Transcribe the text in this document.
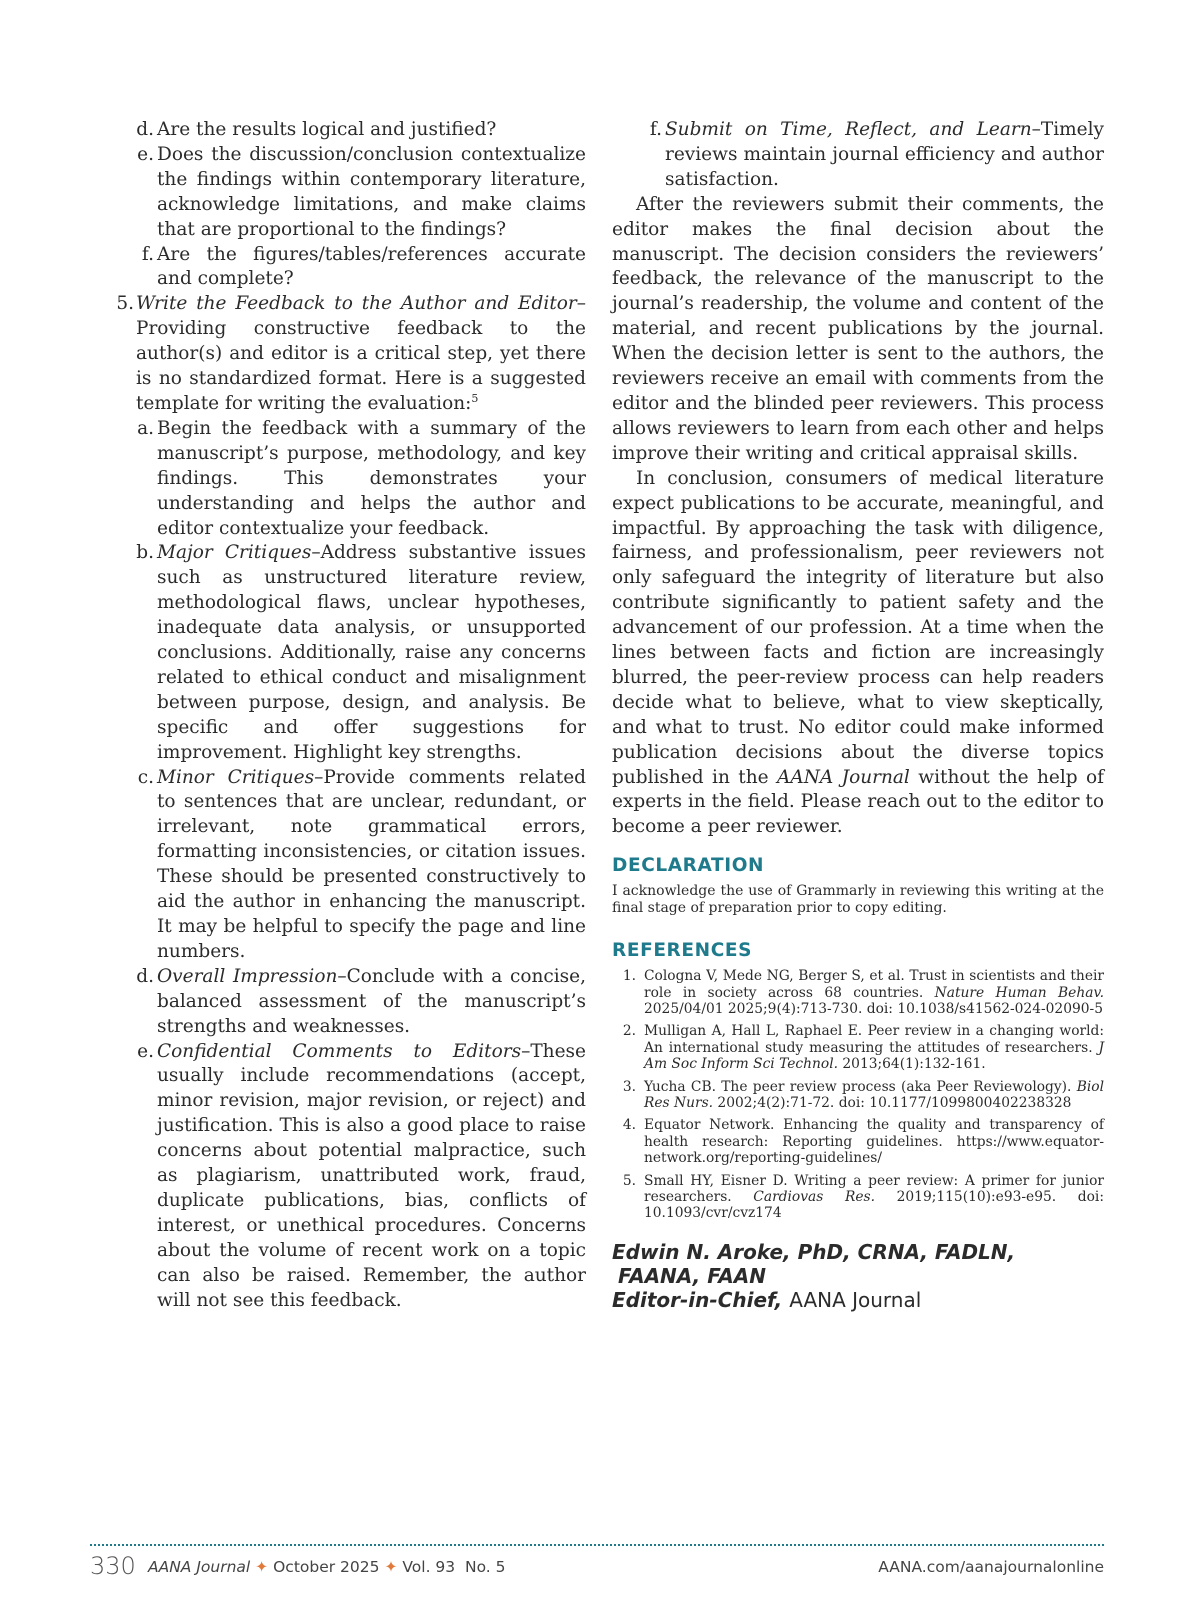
d. Are the results logical and justified?
e. Does the discussion/conclusion contextualize the findings within contemporary literature, acknowledge limitations, and make claims that are proportional to the findings?
f. Are the figures/tables/references accurate and complete?
5. Write the Feedback to the Author and Editor–Providing constructive feedback to the author(s) and editor is a critical step, yet there is no standardized format. Here is a suggested template for writing the evaluation:$^5$
a. Begin the feedback with a summary of the manuscript’s purpose, methodology, and key findings. This demonstrates your understanding and helps the author and editor contextualize your feedback.
b. Major Critiques–Address substantive issues such as unstructured literature review, methodological flaws, unclear hypotheses, inadequate data analysis, or unsupported conclusions. Additionally, raise any concerns related to ethical conduct and misalignment between purpose, design, and analysis. Be specific and offer suggestions for improvement. Highlight key strengths.
c. Minor Critiques–Provide comments related to sentences that are unclear, redundant, or irrelevant, note grammatical errors, formatting inconsistencies, or citation issues. These should be presented constructively to aid the author in enhancing the manuscript. It may be helpful to specify the page and line numbers.
d. Overall Impression–Conclude with a concise, balanced assessment of the manuscript’s strengths and weaknesses.
e. Confidential Comments to Editors–These usually include recommendations (accept, minor revision, major revision, or reject) and justification. This is also a good place to raise concerns about potential malpractice, such as plagiarism, unattributed work, fraud, duplicate publications, bias, conflicts of interest, or unethical procedures. Concerns about the volume of recent work on a topic can also be raised. Remember, the author will not see this feedback.
f. Submit on Time, Reflect, and Learn–Timely reviews maintain journal efficiency and author satisfaction.

After the reviewers submit their comments, the editor makes the final decision about the manuscript. The decision considers the reviewers’ feedback, the relevance of the manuscript to the journal’s readership, the volume and content of the material, and recent publications by the journal. When the decision letter is sent to the authors, the reviewers receive an email with comments from the editor and the blinded peer reviewers. This process allows reviewers to learn from each other and helps improve their writing and critical appraisal skills.

In conclusion, consumers of medical literature expect publications to be accurate, meaningful, and impactful. By approaching the task with diligence, fairness, and professionalism, peer reviewers not only safeguard the integrity of literature but also contribute significantly to patient safety and the advancement of our profession. At a time when the lines between facts and fiction are increasingly blurred, the peer-review process can help readers decide what to believe, what to view skeptically, and what to trust. No editor could make informed publication decisions about the diverse topics published in the AANA Journal without the help of experts in the field. Please reach out to the editor to become a peer reviewer.

DECLARATION

I acknowledge the use of Grammarly in reviewing this writing at the final stage of preparation prior to copy editing.

REFERENCES
1. Cologna V, Mede NG, Berger S, et al. Trust in scientists and their role in society across 68 countries. Nature Human Behav. 2025/04/01 2025;9(4):713-730. doi: 10.1038/s41562-024-02090-5
2. Mulligan A, Hall L, Raphael E. Peer review in a changing world: An international study measuring the attitudes of researchers. J Am Soc Inform Sci Technol. 2013;64(1):132-161.
3. Yucha CB. The peer review process (aka Peer Reviewology). Biol Res Nurs. 2002;4(2):71-72. doi: 10.1177/1099800402238328
4. Equator Network. Enhancing the quality and transparency of health research: Reporting guidelines. https://www.equator-network.org/reporting-guidelines/
5. Small HY, Eisner D. Writing a peer review: A primer for junior researchers. Cardiovas Res. 2019;115(10):e93-e95. doi: 10.1093/cvr/cvz174
Edwin N. Aroke, PhD, CRNA, FADLN,
FAANA, FAAN
Editor-in-Chief, AANA Journal
330 AANA Journal ✦ October 2025 ✦ Vol. 93  No. 5	AANA.com/aanajournalonline
